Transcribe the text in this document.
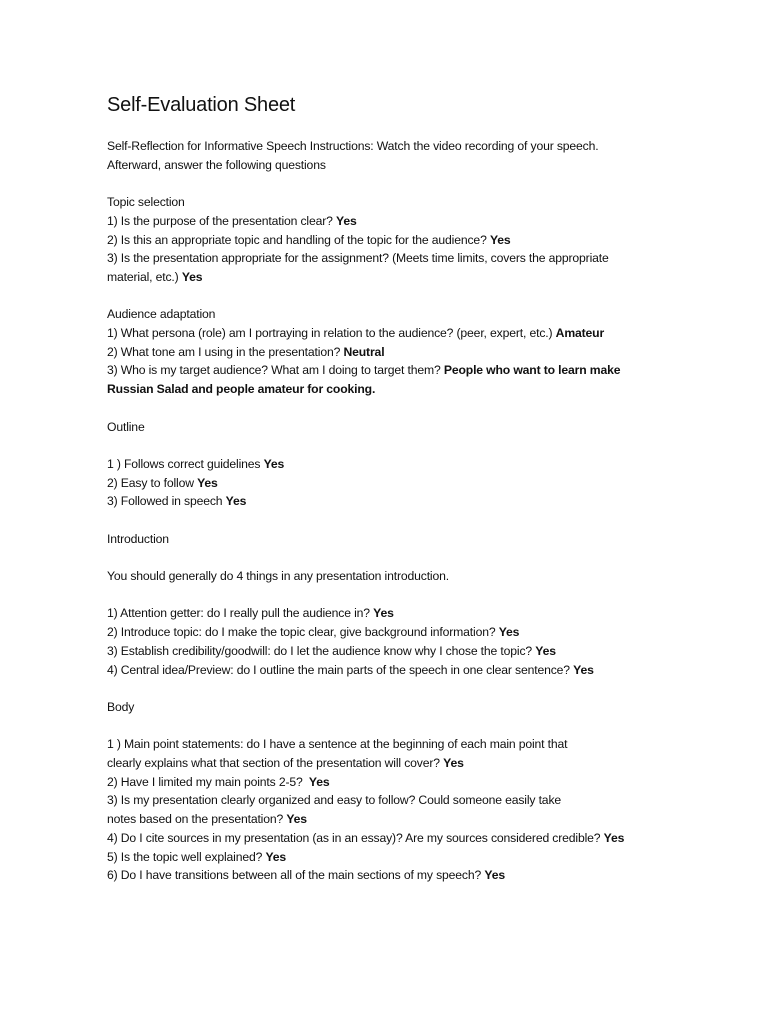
Self-Evaluation Sheet

Self-Reflection for Informative Speech Instructions: Watch the video recording of your speech.

Afterward, answer the following questions

Topic selection

1) Is the purpose of the presentation clear? Yes

2) Is this an appropriate topic and handling of the topic for the audience? Yes

3) Is the presentation appropriate for the assignment? (Meets time limits, covers the appropriate

material, etc.) Yes

Audience adaptation

1) What persona (role) am I portraying in relation to the audience? (peer, expert, etc.) Amateur

2) What tone am I using in the presentation? Neutral

3) Who is my target audience? What am I doing to target them? People who want to learn make

Russian Salad and people amateur for cooking.

Outline

1 ) Follows correct guidelines Yes

2) Easy to follow Yes

3) Followed in speech Yes

Introduction

You should generally do 4 things in any presentation introduction.

1) Attention getter: do I really pull the audience in? Yes

2) Introduce topic: do I make the topic clear, give background information? Yes

3) Establish credibility/goodwill: do I let the audience know why I chose the topic? Yes

4) Central idea/Preview: do I outline the main parts of the speech in one clear sentence? Yes

Body

1 ) Main point statements: do I have a sentence at the beginning of each main point that

clearly explains what that section of the presentation will cover? Yes

2) Have I limited my main points 2-5?  Yes

3) Is my presentation clearly organized and easy to follow? Could someone easily take

notes based on the presentation? Yes

4) Do I cite sources in my presentation (as in an essay)? Are my sources considered credible? Yes

5) Is the topic well explained? Yes

6) Do I have transitions between all of the main sections of my speech? Yes
